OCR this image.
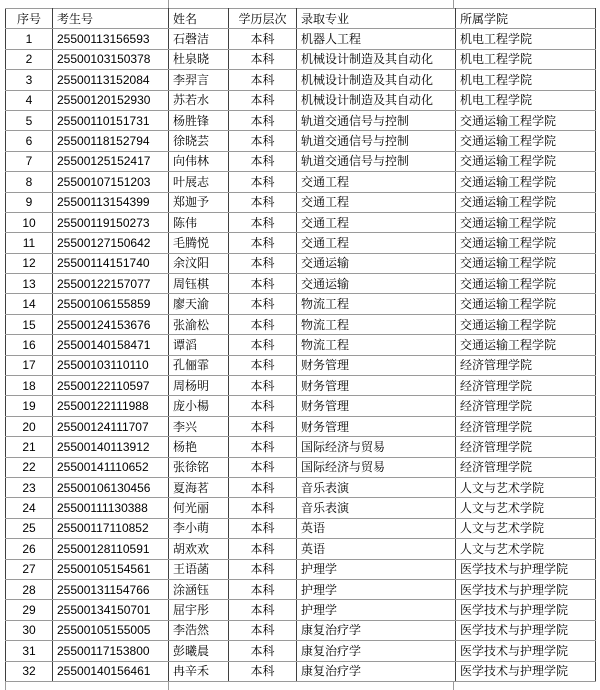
序号	考生号	姓名	学历层次	录取专业	所属学院
1	25500113156593	石磬洁	本科	机器人工程	机电工程学院
2	25500103150378	杜泉晓	本科	机械设计制造及其自动化	机电工程学院
3	25500113152084	李羿言	本科	机械设计制造及其自动化	机电工程学院
4	25500120152930	苏若水	本科	机械设计制造及其自动化	机电工程学院
5	25500110151731	杨胜锋	本科	轨道交通信号与控制	交通运输工程学院
6	25500118152794	徐晓芸	本科	轨道交通信号与控制	交通运输工程学院
7	25500125152417	向伟林	本科	轨道交通信号与控制	交通运输工程学院
8	25500107151203	叶展志	本科	交通工程	交通运输工程学院
9	25500113154399	郑迦予	本科	交通工程	交通运输工程学院
10	25500119150273	陈伟	本科	交通工程	交通运输工程学院
11	25500127150642	毛腾悦	本科	交通工程	交通运输工程学院
12	25500114151740	余汶阳	本科	交通运输	交通运输工程学院
13	25500122157077	周钰棋	本科	交通运输	交通运输工程学院
14	25500106155859	廖天渝	本科	物流工程	交通运输工程学院
15	25500124153676	张渝松	本科	物流工程	交通运输工程学院
16	25500140158471	谭滔	本科	物流工程	交通运输工程学院
17	25500103110110	孔俪霏	本科	财务管理	经济管理学院
18	25500122110597	周杨明	本科	财务管理	经济管理学院
19	25500122111988	庞小楊	本科	财务管理	经济管理学院
20	25500124111707	李兴	本科	财务管理	经济管理学院
21	25500140113912	杨艳	本科	国际经济与贸易	经济管理学院
22	25500141110652	张徐铭	本科	国际经济与贸易	经济管理学院
23	25500106130456	夏海茗	本科	音乐表演	人文与艺术学院
24	25500111130388	何光丽	本科	音乐表演	人文与艺术学院
25	25500117110852	李小萌	本科	英语	人文与艺术学院
26	25500128110591	胡欢欢	本科	英语	人文与艺术学院
27	25500105154561	王语菡	本科	护理学	医学技术与护理学院
28	25500131154766	涂涵钰	本科	护理学	医学技术与护理学院
29	25500134150701	屈宇彤	本科	护理学	医学技术与护理学院
30	25500105155005	李浩然	本科	康复治疗学	医学技术与护理学院
31	25500117153800	彭曦晨	本科	康复治疗学	医学技术与护理学院
32	25500140156461	冉辛禾	本科	康复治疗学	医学技术与护理学院
